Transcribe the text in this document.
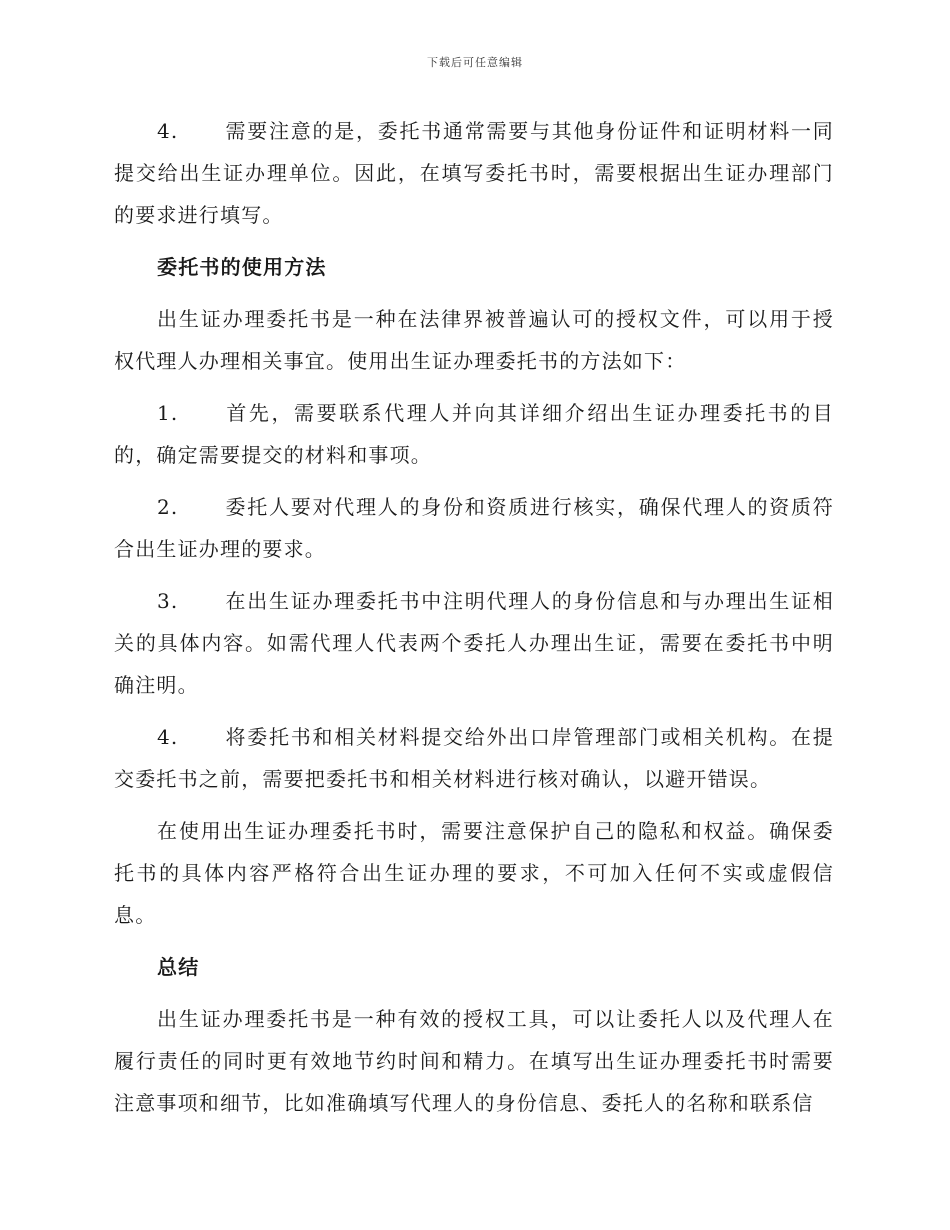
下载后可任意编辑

4. 需要注意的是，委托书通常需要与其他身份证件和证明材料一同提交给出生证办理单位。因此，在填写委托书时，需要根据出生证办理部门的要求进行填写。

委托书的使用方法

出生证办理委托书是一种在法律界被普遍认可的授权文件，可以用于授权代理人办理相关事宜。使用出生证办理委托书的方法如下：

1. 首先，需要联系代理人并向其详细介绍出生证办理委托书的目的，确定需要提交的材料和事项。

2. 委托人要对代理人的身份和资质进行核实，确保代理人的资质符合出生证办理的要求。

3. 在出生证办理委托书中注明代理人的身份信息和与办理出生证相关的具体内容。如需代理人代表两个委托人办理出生证，需要在委托书中明确注明。

4. 将委托书和相关材料提交给外出口岸管理部门或相关机构。在提交委托书之前，需要把委托书和相关材料进行核对确认，以避开错误。

在使用出生证办理委托书时，需要注意保护自己的隐私和权益。确保委托书的具体内容严格符合出生证办理的要求，不可加入任何不实或虚假信息。

总结

出生证办理委托书是一种有效的授权工具，可以让委托人以及代理人在履行责任的同时更有效地节约时间和精力。在填写出生证办理委托书时需要注意事项和细节，比如准确填写代理人的身份信息、委托人的名称和联系信
